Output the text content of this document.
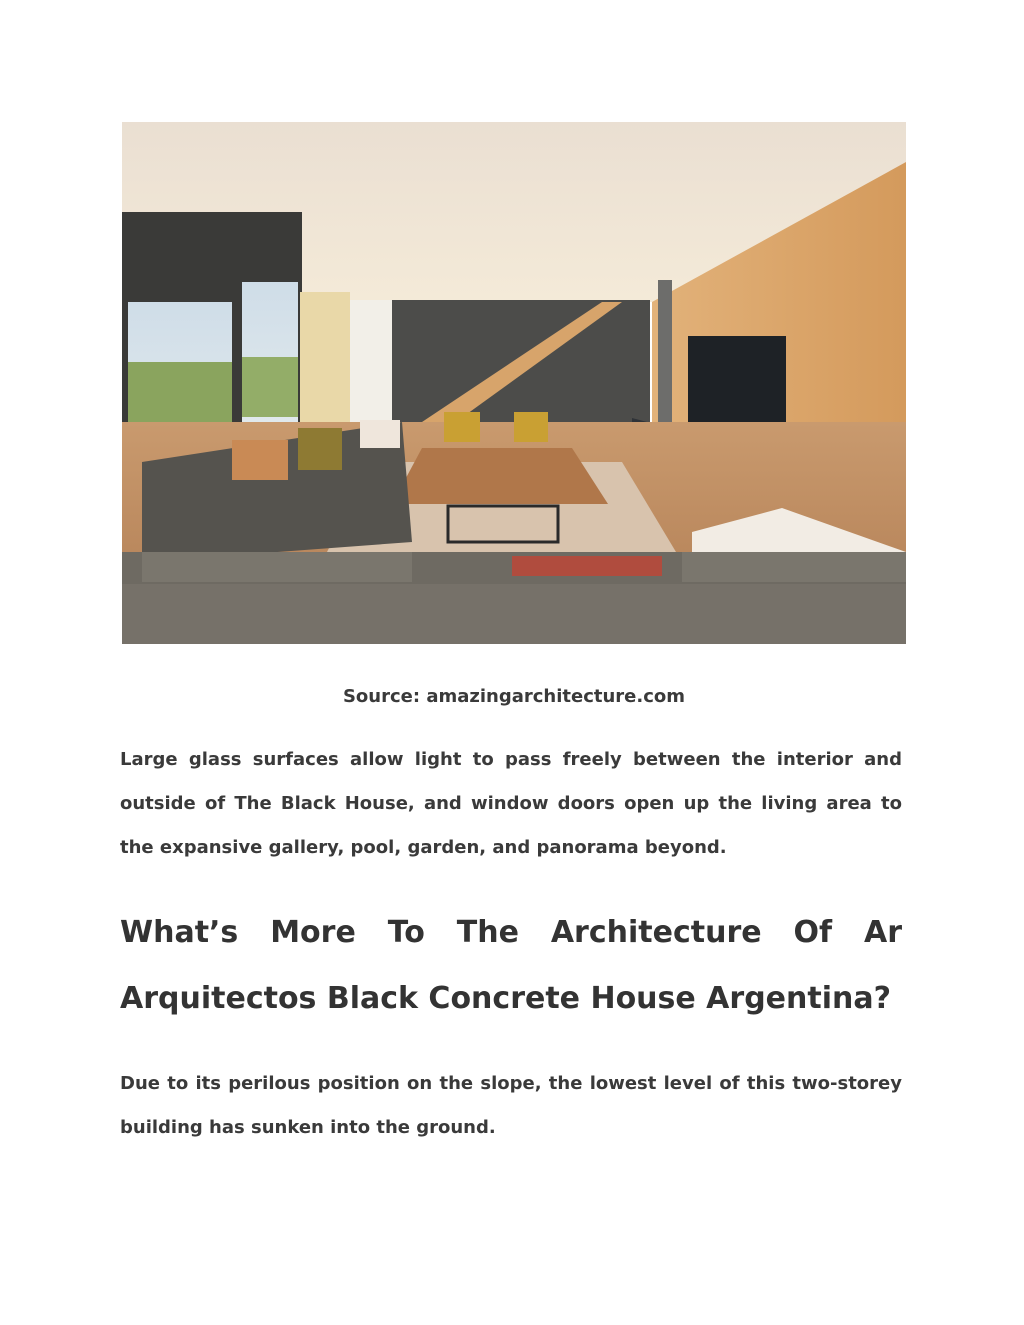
Source: amazingarchitecture.com

Large glass surfaces allow light to pass freely between the interior and outside of The Black House, and window doors open up the living area to the expansive gallery, pool, garden, and panorama beyond.

What’s More To The Architecture Of Ar Arquitectos Black Concrete House Argentina?

Due to its perilous position on the slope, the lowest level of this two-storey building has sunken into the ground.
